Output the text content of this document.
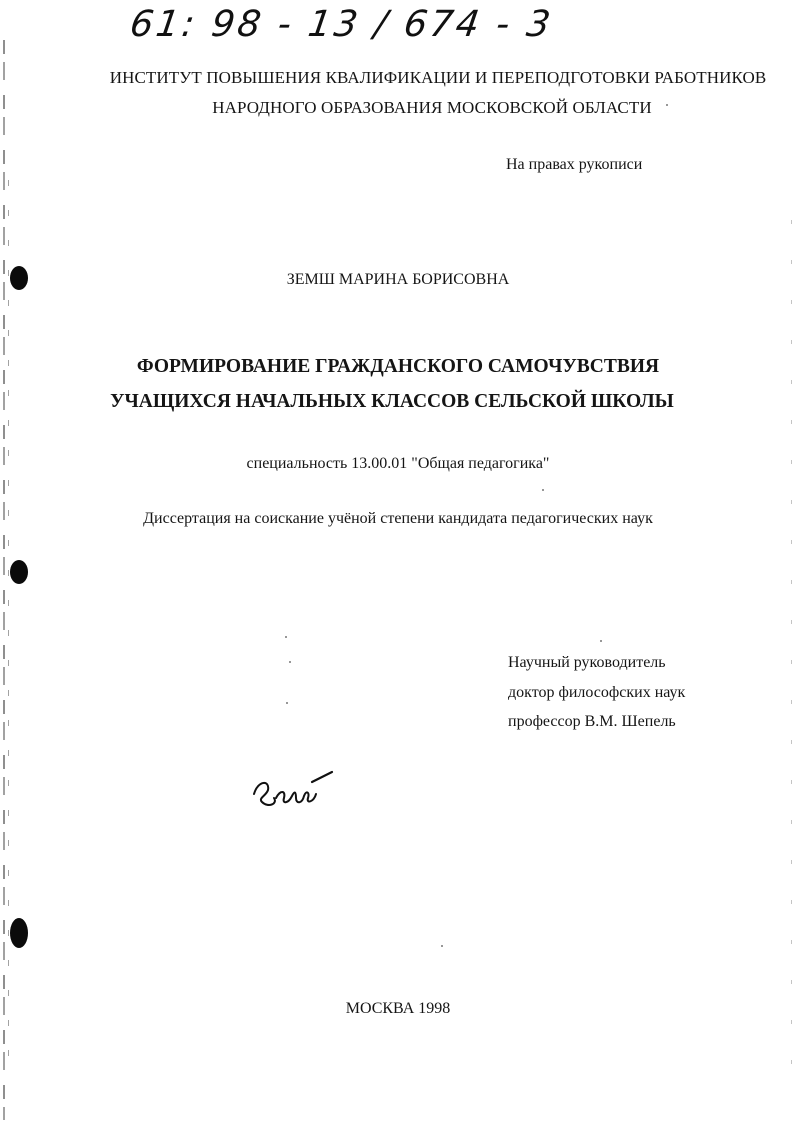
61: 98 - 13 / 674 - 3
ИНСТИТУТ ПОВЫШЕНИЯ КВАЛИФИКАЦИИ И ПЕРЕПОДГОТОВКИ РАБОТНИКОВ
НАРОДНОГО ОБРАЗОВАНИЯ МОСКОВСКОЙ ОБЛАСТИ
На правах рукописи
ЗЕМШ МАРИНА БОРИСОВНА
ФОРМИРОВАНИЕ ГРАЖДАНСКОГО САМОЧУВСТВИЯ
УЧАЩИХСЯ НАЧАЛЬНЫХ КЛАССОВ СЕЛЬСКОЙ ШКОЛЫ
специальность 13.00.01 "Общая педагогика"
Диссертация на соискание учёной степени кандидата педагогических наук
Научный руководитель
доктор философских наук
профессор В.М. Шепель
МОСКВА 1998
